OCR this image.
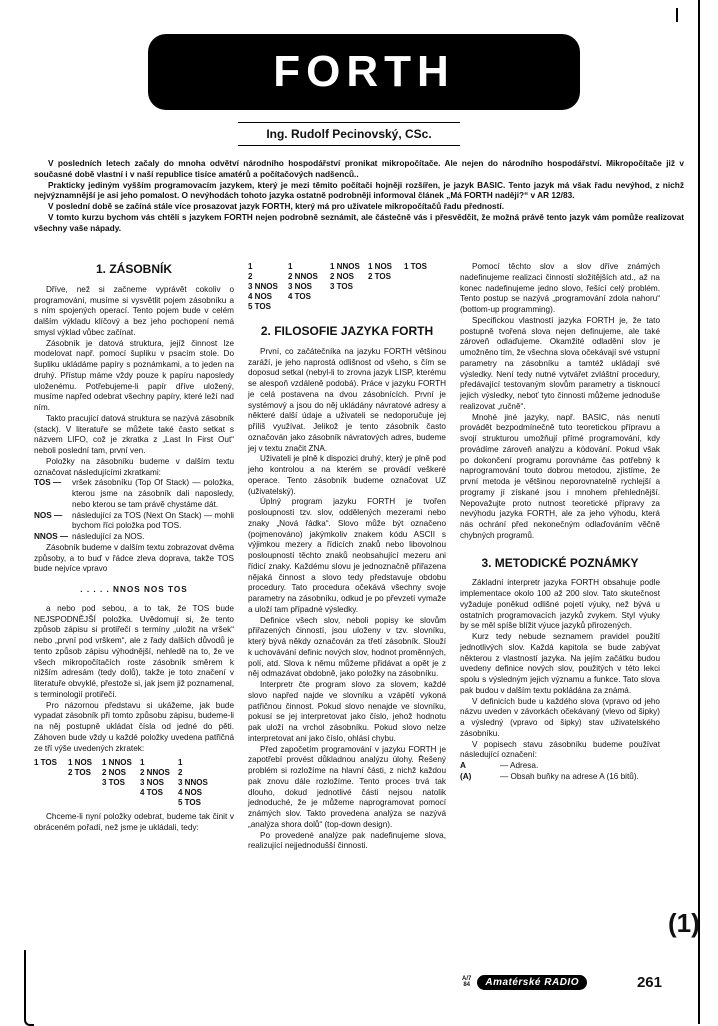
FORTH
Ing. Rudolf Pecinovský, CSc.

V posledních letech začaly do mnoha odvětví národního hospodářství pronikat mikropočítače. Ale nejen do národního hospodářství. Mikropočítače již v současné době vlastní i v naší republice tisíce amatérů a počítačových nadšenců..

Prakticky jediným vyšším programovacím jazykem, který je mezi těmito počítači hojněji rozšířen, je jazyk BASIC. Tento jazyk má však řadu nevýhod, z nichž nejvýznamnější je asi jeho pomalost. O nevýhodách tohoto jazyka ostatně podrobněji informoval článek „Má FORTH naději?“ v AR 12/83.

V poslední době se začíná stále více prosazovat jazyk FORTH, který má pro uživatele mikropočítačů řadu předností.

V tomto kurzu bychom vás chtěli s jazykem FORTH nejen podrobně seznámit, ale částečně vás i přesvědčit, že možná právě tento jazyk vám pomůže realizovat všechny vaše nápady.

1. ZÁSOBNÍK

Dříve, než si začneme vyprávět cokoliv o programování, musíme si vysvětlit pojem zásobníku a s ním spojených operací. Tento pojem bude v celém dalším výkladu klíčový a bez jeho pochopení nemá smysl výklad vůbec začínat.

Zásobník je datová struktura, jejíž činnost lze modelovat např. pomocí šupliku v psacím stole. Do šupliku ukládáme papíry s poznámkami, a to jeden na druhý. Přístup máme vždy pouze k papíru naposledy uloženému. Potřebujeme-li papír dříve uložený, musíme napřed odebrat všechny papíry, které leží nad ním.

Takto pracující datová struktura se nazývá zásobník (stack). V literatuře se můžete také často setkat s názvem LIFO, což je zkratka z „Last In First Out“ neboli poslední tam, první ven.

Položky na zásobníku budeme v dalším textu označovat následujícími zkratkami:

TOS —	vršek zásobníku (Top Of Stack) — položka, kterou jsme na zásobník dali naposledy, nebo kterou se tam právě chystáme dát.
NOS —	následující za TOS (Next On Stack) — mohli bychom říci položka pod TOS.
NNOS — následující za NOS.

Zásobník budeme v dalším textu zobrazovat dvěma způsoby, a to buď v řádce zleva doprava, takže TOS bude nejvíce vpravo

. . . . . NNOS NOS TOS

a nebo pod sebou, a to tak, že TOS bude NEJSPODNĚJŠÍ položka. Uvědomují si, že tento způsob zápisu si protiřečí s termíny „uložit na vršek“ nebo „první pod vrškem“, ale z řady dalších důvodů je tento způsob zápisu výhodnější, nehledě na to, že ve všech mikropočítačích roste zásobník směrem k nižším adresám (tedy dolů), takže je toto značení v literatuře obvyklé, přestože si, jak jsem již poznamenal, s terminologií protiřečí.

Pro názornou představu si ukážeme, jak bude vypadat zásobník při tomto způsobu zápisu, budeme-li na něj postupně ukládat čísla od jedné do pěti. Záhoven bude vždy u každé položky uvedena patřičná ze tří výše uvedených zkratek:

1 TOS	1 NOS	1 NNOS	1	1
2 TOS	2 NOS	2 NNOS	2
3 TOS	3 NOS	3 NNOS
4 TOS	4 NOS
5 TOS

Chceme-li nyní položky odebrat, budeme tak činit v obráceném pořadí, než jsme je ukládali, tedy:

1	1	1 NNOS	1 NOS	1 TOS
2	2 NNOS	2 NOS	2 TOS
3 NNOS	3 NOS	3 TOS
4 NOS	4 TOS
5 TOS
2. FILOSOFIE JAZYKA FORTH

První, co začátečníka na jazyku FORTH většinou zaráží, je jeho naprostá odlišnost od všeho, s čím se doposud setkal (nebyl-li to zrovna jazyk LISP, kterému se alespoň vzdáleně podobá). Práce v jazyku FORTH je celá postavena na dvou zásobnících. První je systémový a jsou do něj ukládány návratové adresy a některé další údaje a uživateli se nedoporučuje jej příliš využívat. Jelikož je tento zásobník často označován jako zásobník návratových adres, budeme jej v textu značit ZNA.

Uživateli je plně k dispozici druhý, který je plně pod jeho kontrolou a na kterém se provádí veškeré operace. Tento zásobník budeme označovat UZ (uživatelský).

Úplný program jazyku FORTH je tvořen posloupností tzv. slov, oddělených mezerami nebo znaky „Nová řádka“. Slovo může být označeno (pojmenováno) jakýmkoliv znakem kódu ASCII s výjimkou mezery a řídicích znaků nebo libovolnou posloupností těchto znaků neobsahující mezeru ani řídicí znaky. Každému slovu je jednoznačně přiřazena nějaká činnost a slovo tedy představuje obdobu procedury. Tato procedura očekává všechny svoje parametry na zásobníku, odkud je po převzetí vymaže a uloží tam případné výsledky.

Definice všech slov, neboli popisy ke slovům přiřazených činností, jsou uloženy v tzv. slovníku, který bývá někdy označován za třetí zásobník. Slouží k uchovávání definic nových slov, hodnot proměnných, polí, atd. Slova k němu můžeme přidávat a opět je z něj odmazávat obdobně, jako položky na zásobníku.

Interpretr čte program slovo za slovem, každé slovo napřed najde ve slovníku a vzápětí vykoná patřičnou činnost. Pokud slovo nenajde ve slovníku, pokusí se jej interpretovat jako číslo, jehož hodnotu pak uloží na vrchol zásobníku. Pokud slovo nelze interpretovat ani jako číslo, ohlásí chybu.

Před započetím programování v jazyku FORTH je zapotřebí provést důkladnou analýzu úlohy. Řešený problém si rozložíme na hlavní části, z nichž každou pak znovu dále rozložíme. Tento proces trvá tak dlouho, dokud jednotlivé části nejsou natolik jednoduché, že je můžeme naprogramovat pomocí známých slov. Takto provedena analýza se nazývá „analýza shora dolů“ (top-down design).

Po provedené analýze pak nadefinujeme slova, realizující nejjednodušší činnosti.

Pomocí těchto slov a slov dříve známých nadefinujeme realizaci činností složitějších atd., až na konec nadefinujeme jedno slovo, řešící celý problém. Tento postup se nazývá „programování zdola nahoru“ (bottom-up programming).

Specifickou vlastností jazyka FORTH je, že tato postupně tvořená slova nejen definujeme, ale také zároveň odlaďujeme. Okamžité odladění slov je umožněno tím, že všechna slova očekávají své vstupní parametry na zásobníku a tamtéž ukládají své výsledky. Není tedy nutné vytvářet zvláštní procedury, předávající testovaným slovům parametry a tisknoucí jejich výsledky, neboť tyto činnosti můžeme jednoduše realizovat „ručně“.

Mnohé jiné jazyky, např. BASIC, nás nenutí provádět bezpodmínečně tuto teoretickou přípravu a svojí strukturou umožňují přímé programování, kdy provádíme zároveň analýzu a kódování. Pokud však po dokončení programu porovnáme čas potřebný k naprogramování touto dobrou metodou, zjistíme, že první metoda je většinou neporovnatelně rychlejší a programy jí získané jsou i mnohem přehlednější. Nepovažujte proto nutnost teoretické přípravy za nevýhodu jazyka FORTH, ale za jeho výhodu, která nás ochrání před nekonečným odlaďováním věčně chybných programů.

3. METODICKÉ POZNÁMKY

Základní interpretr jazyka FORTH obsahuje podle implementace okolo 100 až 200 slov. Tato skutečnost vyžaduje poněkud odlišné pojetí výuky, než bývá u ostatních programovacích jazyků zvykem. Styl výuky by se měl spíše blížit výuce jazyků přirozených.

Kurz tedy nebude seznamem pravidel použití jednotlivých slov. Každá kapitola se bude zabývat některou z vlastností jazyka. Na jejím začátku budou uvedeny definice nových slov, použitých v této lekci spolu s výsledným jejich významu a funkce. Tato slova pak budou v dalším textu pokládána za známá.

V definicích bude u každého slova (vpravo od jeho názvu uveden v závorkách očekávaný (vlevo od šipky) a výsledný (vpravo od šipky) stav uživatelského zásobníku.

V popisech stavu zásobníku budeme používat následující označení:

A	— Adresa.
(A)	— Obsah buňky na adrese A (16 bitů).
(1)
A/7
84	Amatérské RADIO	261
